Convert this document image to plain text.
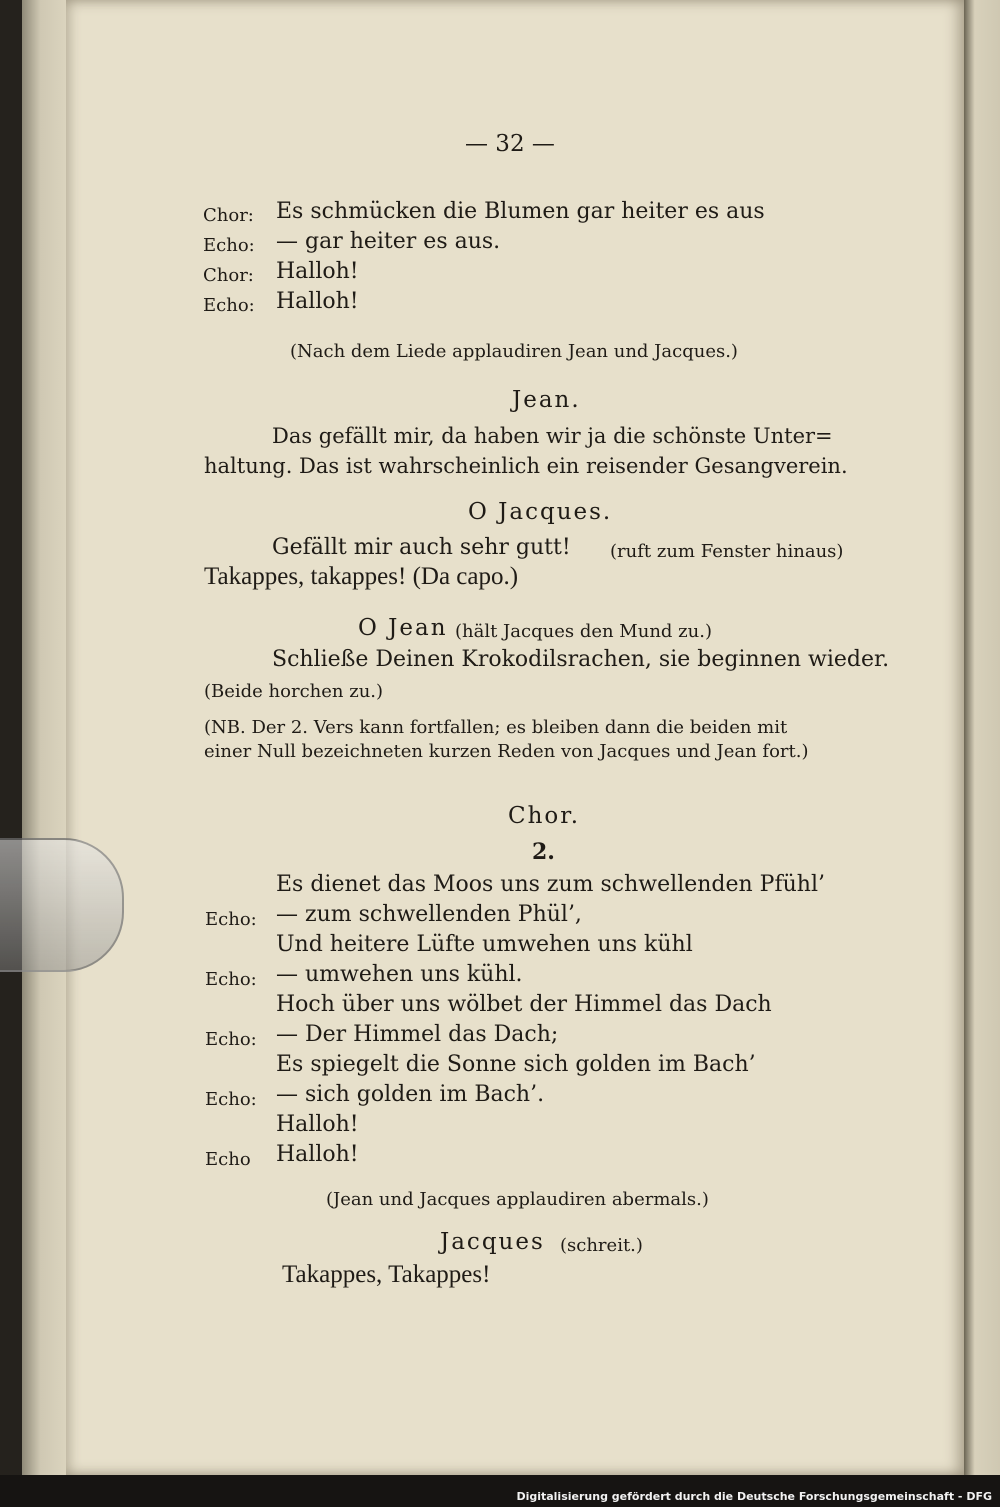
— 32 —
Chor: Es schmücken die Blumen gar heiter es aus
Echo: — gar heiter es aus.
Chor: Halloh!
Echo: Halloh!
(Nach dem Liede applaudiren Jean und Jacques.)
Jean.
Das gefällt mir, da haben wir ja die schönste Unter=
haltung. Das ist wahrscheinlich ein reisender Gesangverein.
O Jacques.
Gefällt mir auch sehr gutt! (ruft zum Fenster hinaus)
Takappes, takappes! (Da capo.)
O Jean (hält Jacques den Mund zu.)
Schließe Deinen Krokodilsrachen, sie beginnen wieder.
(Beide horchen zu.)
(NB. Der 2. Vers kann fortfallen; es bleiben dann die beiden mit
einer Null bezeichneten kurzen Reden von Jacques und Jean fort.)
Chor.
2.
Es dienet das Moos uns zum schwellenden Pfühl’
Echo: — zum schwellenden Phül’,
Und heitere Lüfte umwehen uns kühl
Echo: — umwehen uns kühl.
Hoch über uns wölbet der Himmel das Dach
Echo: — Der Himmel das Dach;
Es spiegelt die Sonne sich golden im Bach’
Echo: — sich golden im Bach’.
Halloh!
Echo Halloh!
(Jean und Jacques applaudiren abermals.)
Jacques (schreit.)
Takappes, Takappes!
Digitalisierung gefördert durch die Deutsche Forschungsgemeinschaft - DFG
